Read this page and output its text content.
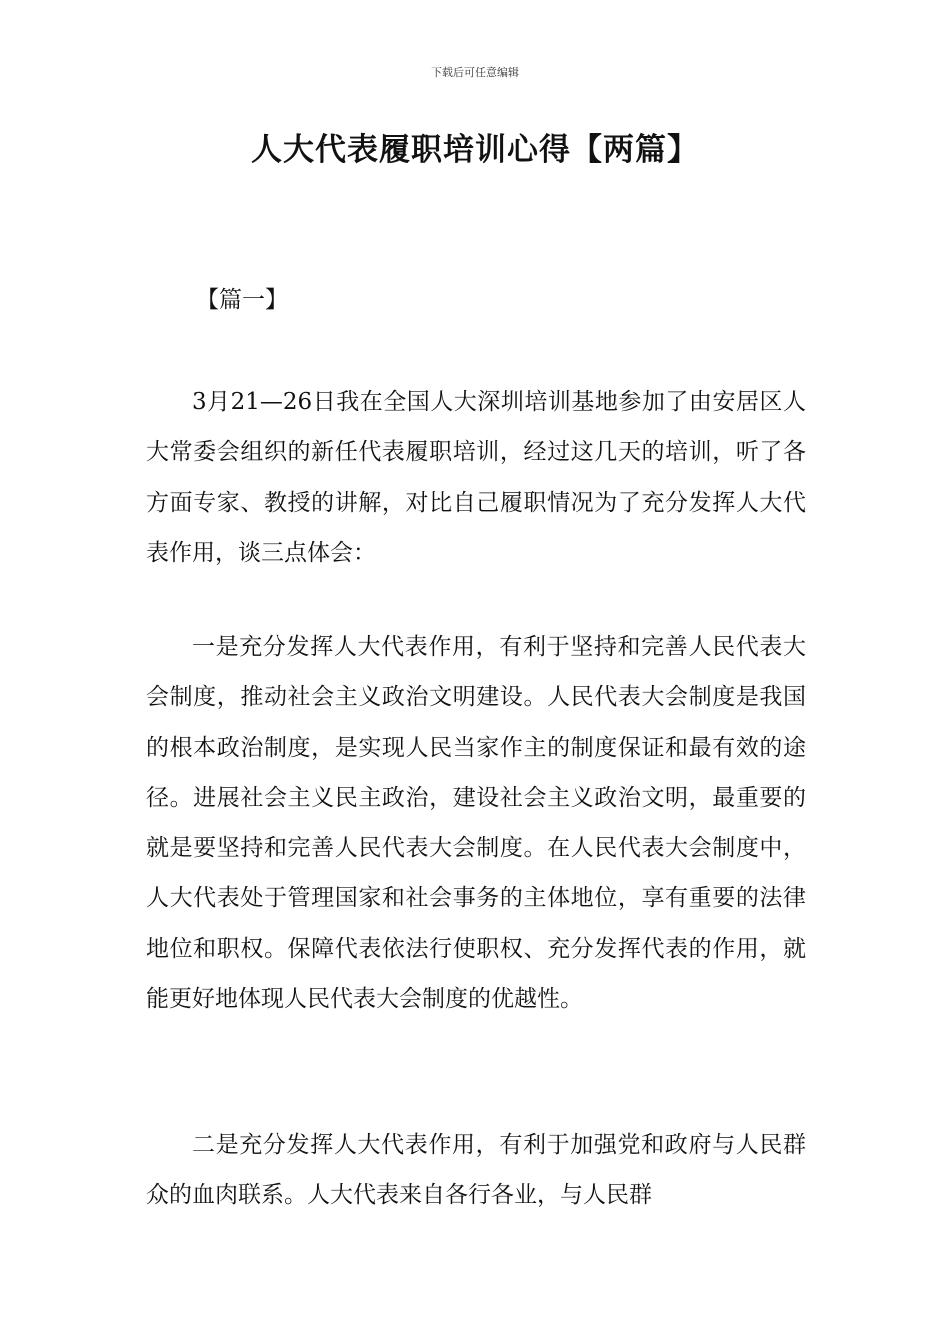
下载后可任意编辑
人大代表履职培训心得【两篇】
【篇一】

3月21—26日我在全国人大深圳培训基地参加了由安居区人大常委会组织的新任代表履职培训，经过这几天的培训，听了各方面专家、教授的讲解，对比自己履职情况为了充分发挥人大代表作用，谈三点体会：

一是充分发挥人大代表作用，有利于坚持和完善人民代表大会制度，推动社会主义政治文明建设。人民代表大会制度是我国的根本政治制度，是实现人民当家作主的制度保证和最有效的途径。进展社会主义民主政治，建设社会主义政治文明，最重要的就是要坚持和完善人民代表大会制度。在人民代表大会制度中，人大代表处于管理国家和社会事务的主体地位，享有重要的法律地位和职权。保障代表依法行使职权、充分发挥代表的作用，就能更好地体现人民代表大会制度的优越性。

二是充分发挥人大代表作用，有利于加强党和政府与人民群众的血肉联系。人大代表来自各行各业，与人民群
